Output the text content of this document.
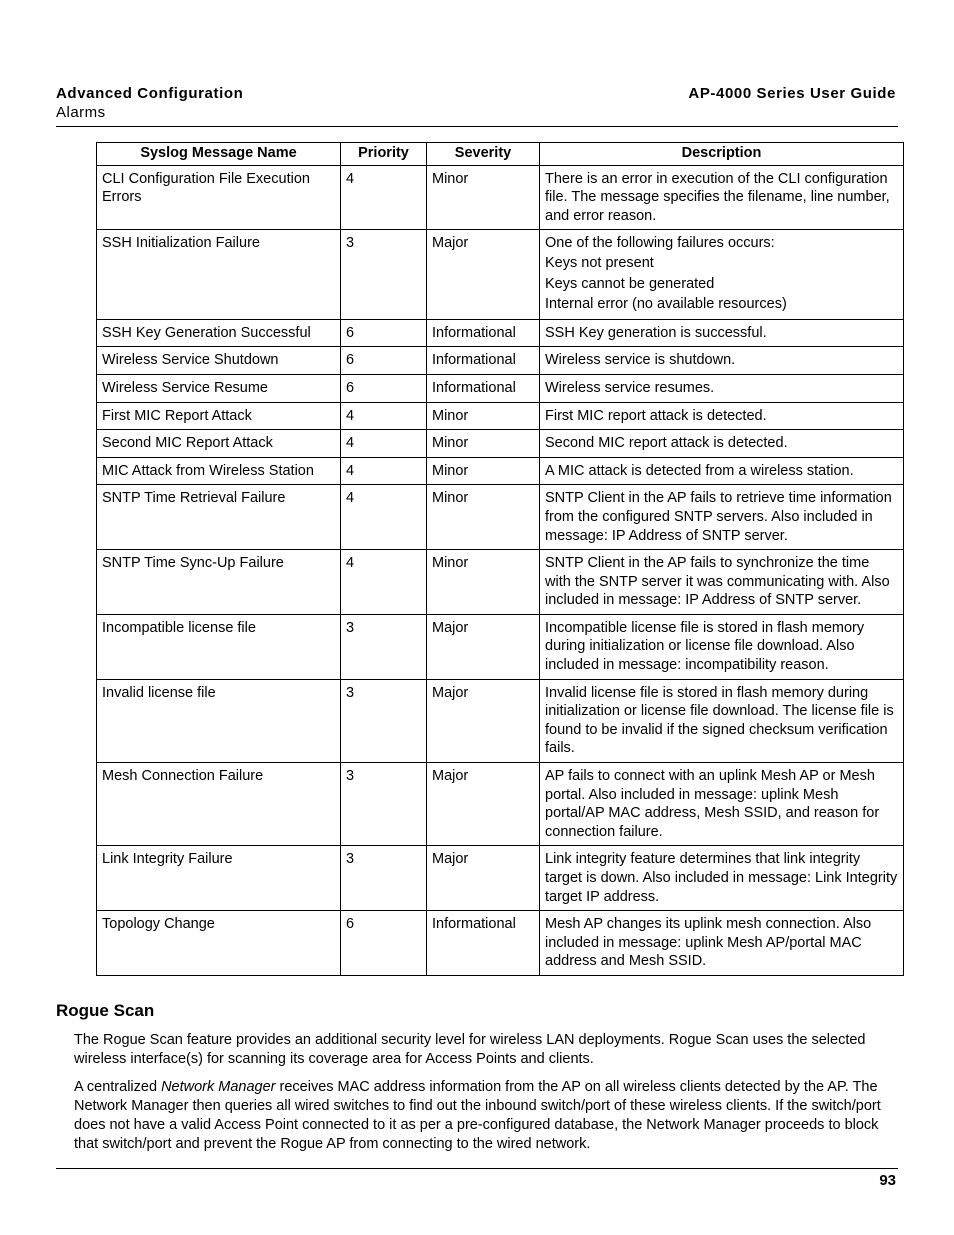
Advanced Configuration
Alarms
AP-4000 Series User Guide
Syslog Message Name	Priority	Severity	Description
CLI Configuration File Execution Errors	4	Minor	There is an error in execution of the CLI configuration file. The message specifies the filename, line number, and error reason.

SSH Initialization Failure	3	Major	One of the following failures occurs:
Keys not present
Keys cannot be generated
Internal error (no available resources)

SSH Key Generation Successful	6	Informational	SSH Key generation is successful.

Wireless Service Shutdown	6	Informational	Wireless service is shutdown.

Wireless Service Resume	6	Informational	Wireless service resumes.

First MIC Report Attack	4	Minor	First MIC report attack is detected.

Second MIC Report Attack	4	Minor	Second MIC report attack is detected.

MIC Attack from Wireless Station	4	Minor	A MIC attack is detected from a wireless station.

SNTP Time Retrieval Failure	4	Minor	SNTP Client in the AP fails to retrieve time information from the configured SNTP servers. Also included in message: IP Address of SNTP server.

SNTP Time Sync-Up Failure	4	Minor	SNTP Client in the AP fails to synchronize the time with the SNTP server it was communicating with. Also included in message: IP Address of SNTP server.

Incompatible license file	3	Major	Incompatible license file is stored in flash memory during initialization or license file download. Also included in message: incompatibility reason.

Invalid license file	3	Major	Invalid license file is stored in flash memory during initialization or license file download. The license file is found to be invalid if the signed checksum verification fails.

Mesh Connection Failure	3	Major	AP fails to connect with an uplink Mesh AP or Mesh portal. Also included in message: uplink Mesh portal/AP MAC address, Mesh SSID, and reason for connection failure.

Link Integrity Failure	3	Major	Link integrity feature determines that link integrity target is down. Also included in message: Link Integrity target IP address.

Topology Change	6	Informational	Mesh AP changes its uplink mesh connection. Also included in message: uplink Mesh AP/portal MAC address and Mesh SSID.
Rogue Scan
The Rogue Scan feature provides an additional security level for wireless LAN deployments. Rogue Scan uses the selected wireless interface(s) for scanning its coverage area for Access Points and clients.
A centralized Network Manager receives MAC address information from the AP on all wireless clients detected by the AP. The Network Manager then queries all wired switches to find out the inbound switch/port of these wireless clients. If the switch/port does not have a valid Access Point connected to it as per a pre-configured database, the Network Manager proceeds to block that switch/port and prevent the Rogue AP from connecting to the wired network.
93
